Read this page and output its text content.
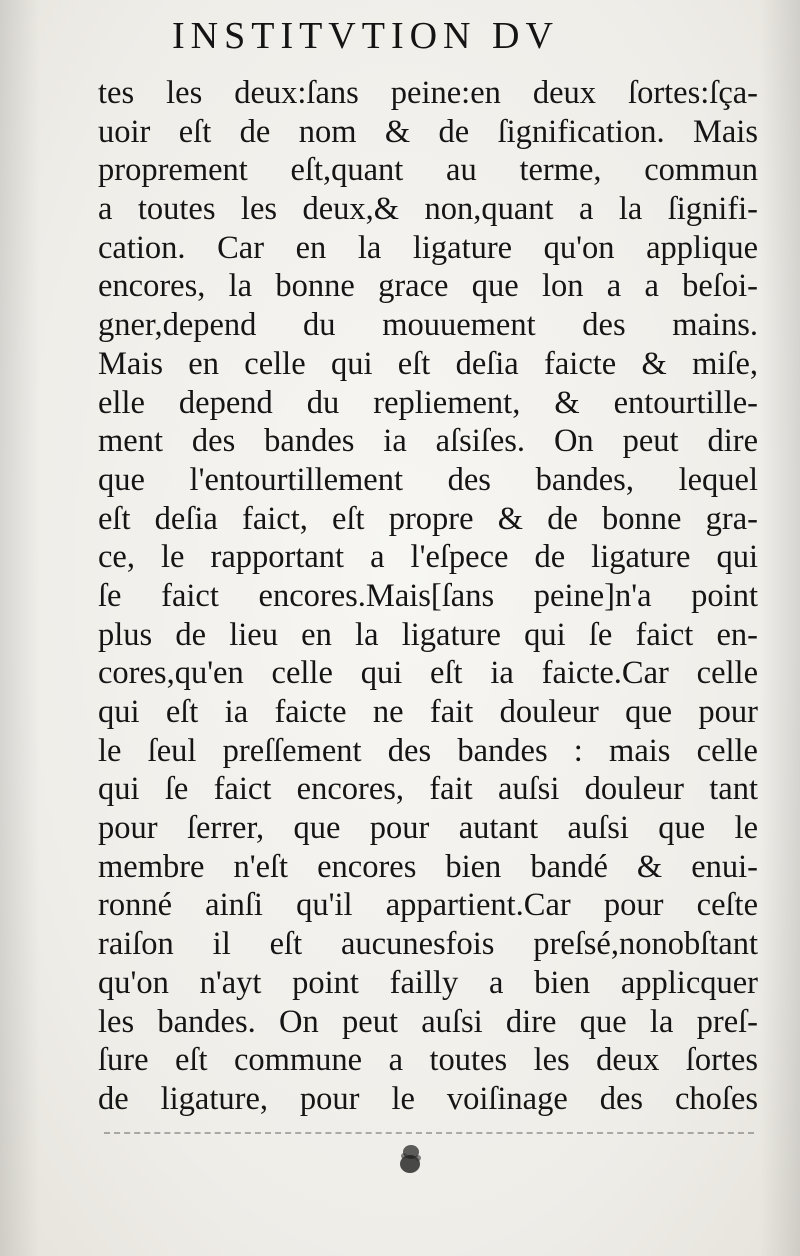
INSTITVTION DV
tes les deux:ſans peine:en deux ſortes:ſça-
uoir eſt de nom & de ſignification. Mais
proprement eſt,quant au terme, commun
a toutes les deux,& non,quant a la ſignifi-
cation. Car en la ligature qu'on applique
encores, la bonne grace que lon a a beſoi-
gner,depend du mouuement des mains.
Mais en celle qui eſt deſia faicte & miſe,
elle depend du repliement, & entourtille-
ment des bandes ia aſsiſes. On peut dire
que l'entourtillement des bandes, lequel
eſt deſia faict, eſt propre & de bonne gra-
ce, le rapportant a l'eſpece de ligature qui
ſe faict encores.Mais[ſans peine]n'a point
plus de lieu en la ligature qui ſe faict en-
cores,qu'en celle qui eſt ia faicte.Car celle
qui eſt ia faicte ne fait douleur que pour
le ſeul preſſement des bandes : mais celle
qui ſe faict encores, fait auſsi douleur tant
pour ſerrer, que pour autant auſsi que le
membre n'eſt encores bien bandé & enui-
ronné ainſi qu'il appartient.Car pour ceſte
raiſon il eſt aucunesfois preſsé,nonobſtant
qu'on n'ayt point failly a bien applicquer
les bandes. On peut auſsi dire que la preſ-
ſure eſt commune a toutes les deux ſortes
de ligature, pour le voiſinage des choſes
